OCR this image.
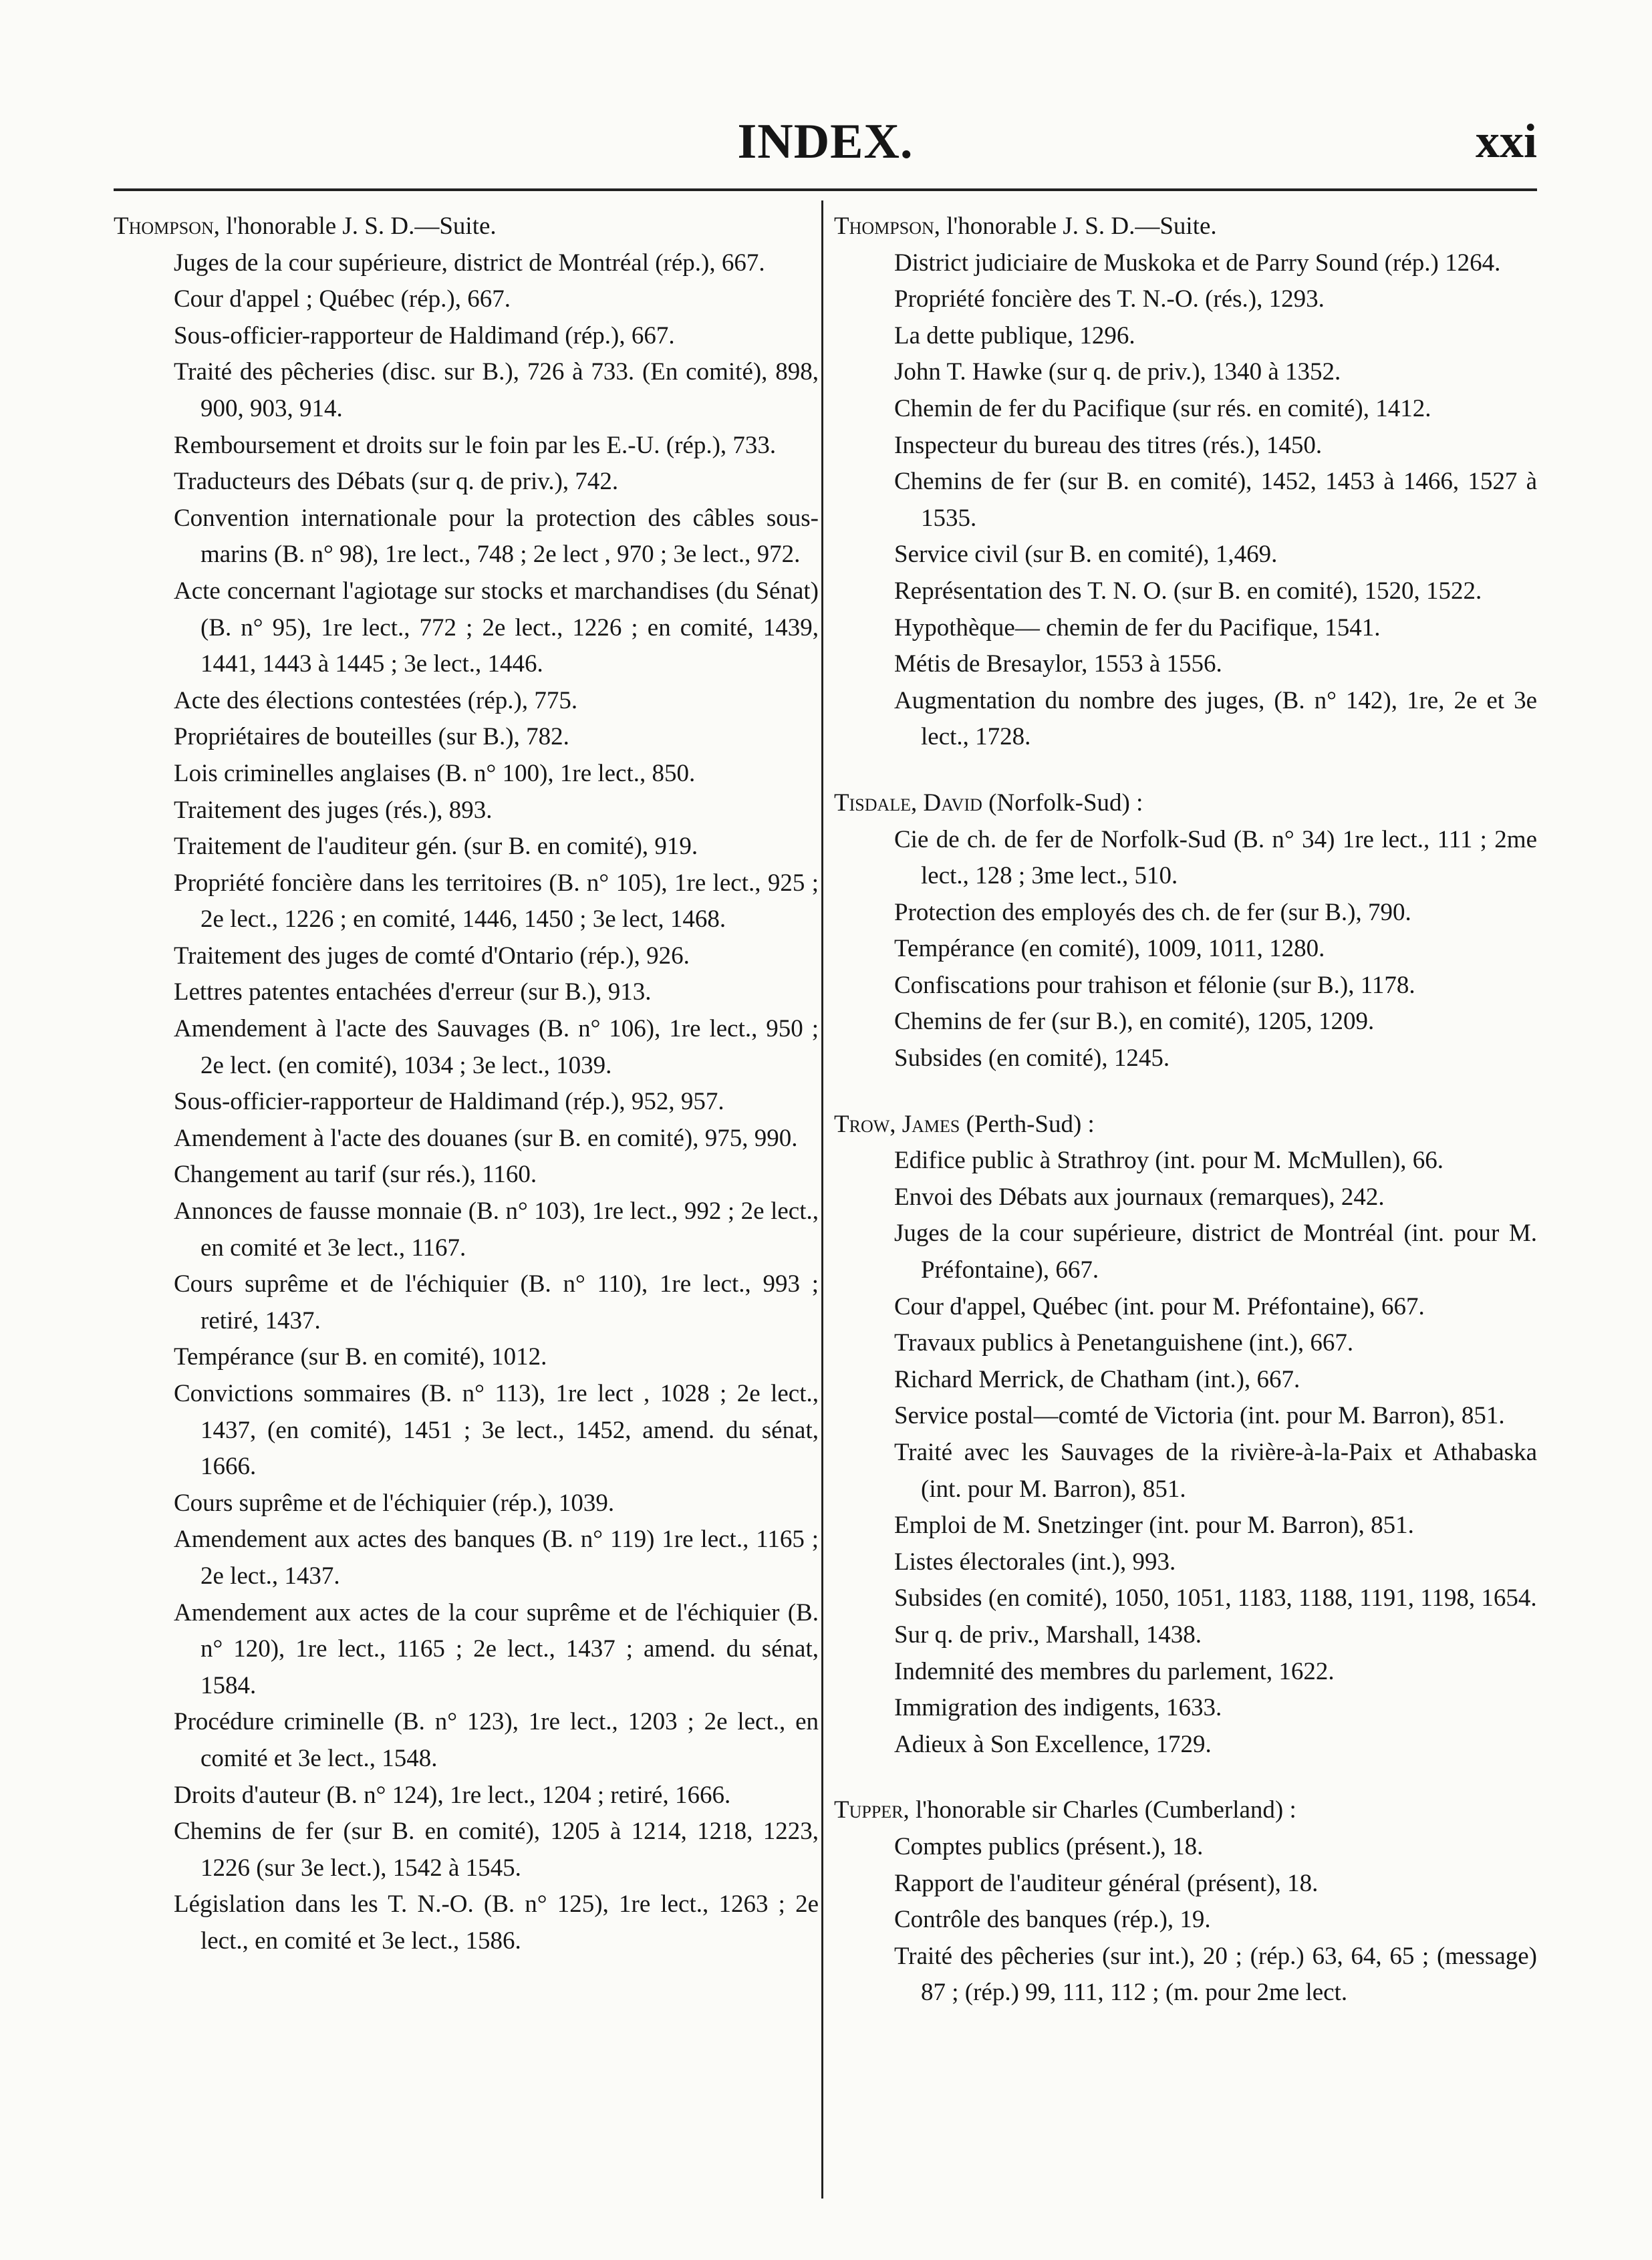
INDEX.	xxi

Thompson, l'honorable J. S. D.—Suite.

Juges de la cour supérieure, district de Montréal (rép.), 667.

Cour d'appel ; Québec (rép.), 667.

Sous-officier-rapporteur de Haldimand (rép.), 667.

Traité des pêcheries (disc. sur B.), 726 à 733. (En comité), 898, 900, 903, 914.

Remboursement et droits sur le foin par les E.-U. (rép.), 733.

Traducteurs des Débats (sur q. de priv.), 742.

Convention internationale pour la protection des câbles sous-marins (B. n° 98), 1re lect., 748 ; 2e lect , 970 ; 3e lect., 972.

Acte concernant l'agiotage sur stocks et marchandises (du Sénat) (B. n° 95), 1re lect., 772 ; 2e lect., 1226 ; en comité, 1439, 1441, 1443 à 1445 ; 3e lect., 1446.

Acte des élections contestées (rép.), 775.

Propriétaires de bouteilles (sur B.), 782.

Lois criminelles anglaises (B. n° 100), 1re lect., 850.

Traitement des juges (rés.), 893.

Traitement de l'auditeur gén. (sur B. en comité), 919.

Propriété foncière dans les territoires (B. n° 105), 1re lect., 925 ; 2e lect., 1226 ; en comité, 1446, 1450 ; 3e lect, 1468.

Traitement des juges de comté d'Ontario (rép.), 926.

Lettres patentes entachées d'erreur (sur B.), 913.

Amendement à l'acte des Sauvages (B. n° 106), 1re lect., 950 ; 2e lect. (en comité), 1034 ; 3e lect., 1039.

Sous-officier-rapporteur de Haldimand (rép.), 952, 957.

Amendement à l'acte des douanes (sur B. en comité), 975, 990.

Changement au tarif (sur rés.), 1160.

Annonces de fausse monnaie (B. n° 103), 1re lect., 992 ; 2e lect., en comité et 3e lect., 1167.

Cours suprême et de l'échiquier (B. n° 110), 1re lect., 993 ; retiré, 1437.

Tempérance (sur B. en comité), 1012.

Convictions sommaires (B. n° 113), 1re lect , 1028 ; 2e lect., 1437, (en comité), 1451 ; 3e lect., 1452, amend. du sénat, 1666.

Cours suprême et de l'échiquier (rép.), 1039.

Amendement aux actes des banques (B. n° 119) 1re lect., 1165 ; 2e lect., 1437.

Amendement aux actes de la cour suprême et de l'échiquier (B. n° 120), 1re lect., 1165 ; 2e lect., 1437 ; amend. du sénat, 1584.

Procédure criminelle (B. n° 123), 1re lect., 1203 ; 2e lect., en comité et 3e lect., 1548.

Droits d'auteur (B. n° 124), 1re lect., 1204 ; retiré, 1666.

Chemins de fer (sur B. en comité), 1205 à 1214, 1218, 1223, 1226 (sur 3e lect.), 1542 à 1545.

Législation dans les T. N.-O. (B. n° 125), 1re lect., 1263 ; 2e lect., en comité et 3e lect., 1586.

Thompson, l'honorable J. S. D.—Suite.

District judiciaire de Muskoka et de Parry Sound (rép.) 1264.

Propriété foncière des T. N.-O. (rés.), 1293.

La dette publique, 1296.

John T. Hawke (sur q. de priv.), 1340 à 1352.

Chemin de fer du Pacifique (sur rés. en comité), 1412.

Inspecteur du bureau des titres (rés.), 1450.

Chemins de fer (sur B. en comité), 1452, 1453 à 1466, 1527 à 1535.

Service civil (sur B. en comité), 1,469.

Représentation des T. N. O. (sur B. en comité), 1520, 1522.

Hypothèque— chemin de fer du Pacifique, 1541.

Métis de Bresaylor, 1553 à 1556.

Augmentation du nombre des juges, (B. n° 142), 1re, 2e et 3e lect., 1728.

Tisdale, David (Norfolk-Sud) :

Cie de ch. de fer de Norfolk-Sud (B. n° 34) 1re lect., 111 ; 2me lect., 128 ; 3me lect., 510.

Protection des employés des ch. de fer (sur B.), 790.

Tempérance (en comité), 1009, 1011, 1280.

Confiscations pour trahison et félonie (sur B.), 1178.

Chemins de fer (sur B.), en comité), 1205, 1209.

Subsides (en comité), 1245.

Trow, James (Perth-Sud) :

Edifice public à Strathroy (int. pour M. McMullen), 66.

Envoi des Débats aux journaux (remarques), 242.

Juges de la cour supérieure, district de Montréal (int. pour M. Préfontaine), 667.

Cour d'appel, Québec (int. pour M. Préfontaine), 667.

Travaux publics à Penetanguishene (int.), 667.

Richard Merrick, de Chatham (int.), 667.

Service postal—comté de Victoria (int. pour M. Barron), 851.

Traité avec les Sauvages de la rivière-à-la-Paix et Athabaska (int. pour M. Barron), 851.

Emploi de M. Snetzinger (int. pour M. Barron), 851.

Listes électorales (int.), 993.

Subsides (en comité), 1050, 1051, 1183, 1188, 1191, 1198, 1654.

Sur q. de priv., Marshall, 1438.

Indemnité des membres du parlement, 1622.

Immigration des indigents, 1633.

Adieux à Son Excellence, 1729.

Tupper, l'honorable sir Charles (Cumberland) :

Comptes publics (présent.), 18.

Rapport de l'auditeur général (présent), 18.

Contrôle des banques (rép.), 19.

Traité des pêcheries (sur int.), 20 ; (rép.) 63, 64, 65 ; (message) 87 ; (rép.) 99, 111, 112 ; (m. pour 2me lect.
